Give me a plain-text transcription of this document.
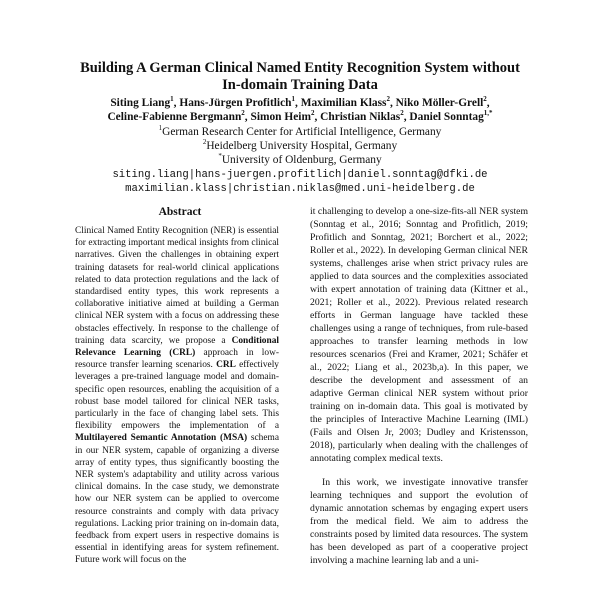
Building A German Clinical Named Entity Recognition System without
In-domain Training Data
Siting Liang$^1$, Hans-Jürgen Profitlich$^1$, Maximilian Klass$^2$, Niko Möller-Grell$^2$,
Celine-Fabienne Bergmann$^2$, Simon Heim$^2$, Christian Niklas$^2$, Daniel Sonntag$^{1,*}$
$^1$German Research Center for Artificial Intelligence, Germany
$^2$Heidelberg University Hospital, Germany
*University of Oldenburg, Germany
siting.liang|hans-juergen.profitlich|daniel.sonntag@dfki.de
maximilian.klass|christian.niklas@med.uni-heidelberg.de
Abstract

Clinical Named Entity Recognition (NER) is essential for extracting important medical insights from clinical narratives. Given the challenges in obtaining expert training datasets for real-world clinical applications related to data protection regulations and the lack of standardised entity types, this work represents a collaborative initiative aimed at building a German clinical NER system with a focus on addressing these obstacles effectively. In response to the challenge of training data scarcity, we propose a Conditional Relevance Learning (CRL) approach in low-resource transfer learning scenarios. CRL effectively leverages a pre-trained language model and domain-specific open resources, enabling the acquisition of a robust base model tailored for clinical NER tasks, particularly in the face of changing label sets. This flexibility empowers the implementation of a Multilayered Semantic Annotation (MSA) schema in our NER system, capable of organizing a diverse array of entity types, thus significantly boosting the NER system's adaptability and utility across various clinical domains. In the case study, we demonstrate how our NER system can be applied to overcome resource constraints and comply with data privacy regulations. Lacking prior training on in-domain data, feedback from expert users in respective domains is essential in identifying areas for system refinement. Future work will focus on the

it challenging to develop a one-size-fits-all NER system (Sonntag et al., 2016; Sonntag and Profitlich, 2019; Profitlich and Sonntag, 2021; Borchert et al., 2022; Roller et al., 2022). In developing German clinical NER systems, challenges arise when strict privacy rules are applied to data sources and the complexities associated with expert annotation of training data (Kittner et al., 2021; Roller et al., 2022). Previous related research efforts in German language have tackled these challenges using a range of techniques, from rule-based approaches to transfer learning methods in low resources scenarios (Frei and Kramer, 2021; Schäfer et al., 2022; Liang et al., 2023b,a). In this paper, we describe the development and assessment of an adaptive German clinical NER system without prior training on in-domain data. This goal is motivated by the principles of Interactive Machine Learning (IML) (Fails and Olsen Jr, 2003; Dudley and Kristensson, 2018), particularly when dealing with the challenges of annotating complex medical texts.

In this work, we investigate innovative transfer learning techniques and support the evolution of dynamic annotation schemas by engaging expert users from the medical field. We aim to address the constraints posed by limited data resources. The system has been developed as part of a cooperative project involving a machine learning lab and a uni-
